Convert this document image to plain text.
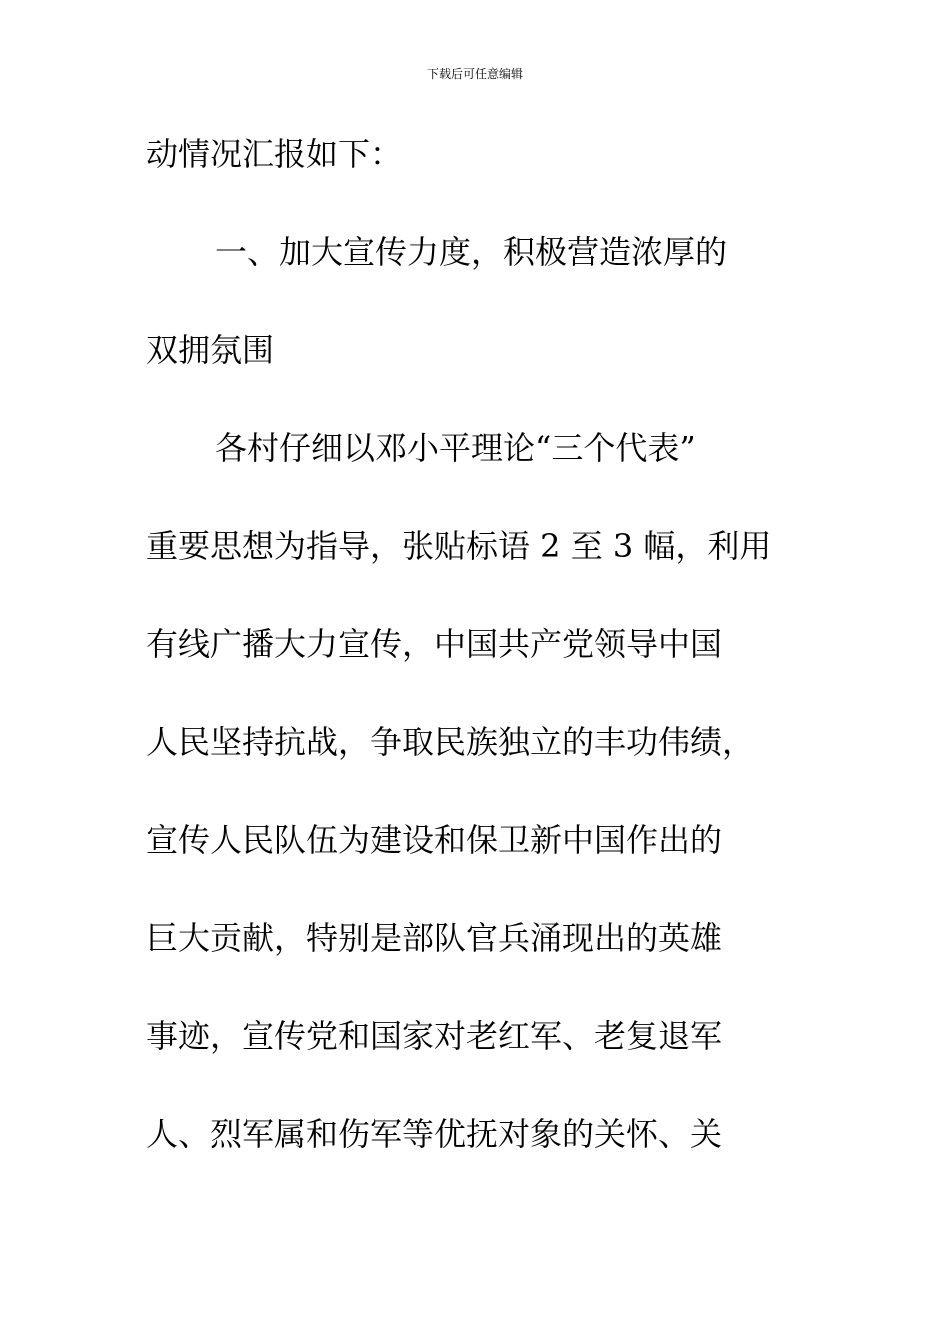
下载后可任意编辑
动情况汇报如下：
一、加大宣传力度，积极营造浓厚的
双拥氛围
各村仔细以邓小平理论“三个代表”
重要思想为指导，张贴标语 2 至 3 幅，利用
有线广播大力宣传，中国共产党领导中国
人民坚持抗战，争取民族独立的丰功伟绩，
宣传人民队伍为建设和保卫新中国作出的
巨大贡献，特别是部队官兵涌现出的英雄
事迹，宣传党和国家对老红军、老复退军
人、烈军属和伤军等优抚对象的关怀、关
